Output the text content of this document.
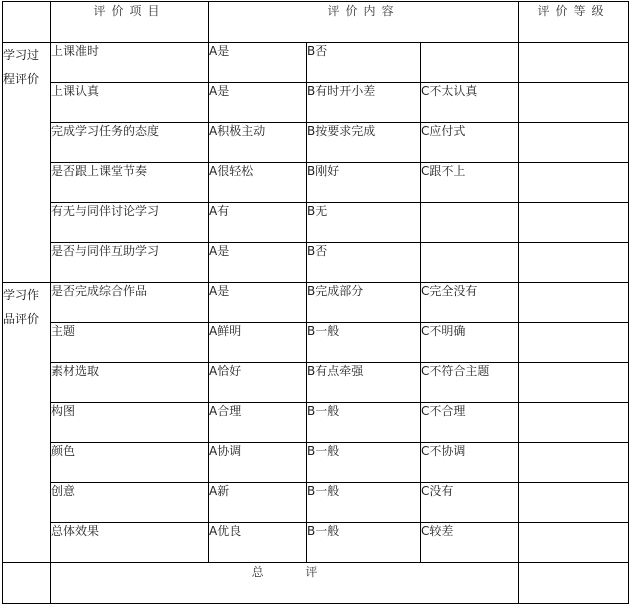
	评价项目	评价内容			评价等级
学习过程评价	上课准时	A是	B否		
	上课认真	A是	B有时开小差	C不太认真	
	完成学习任务的态度	A积极主动	B按要求完成	C应付式	
	是否跟上课堂节奏	A很轻松	B刚好	C跟不上	
	有无与同伴讨论学习	A有	B无		
	是否与同伴互助学习	A是	B否		
学习作品评价	是否完成综合作品	A是	B完成部分	C完全没有	
	主题	A鲜明	B一般	C不明确	
	素材选取	A恰好	B有点牵强	C不符合主题	
	构图	A合理	B一般	C不合理	
	颜色	A协调	B一般	C不协调	
	创意	A新	B一般	C没有	
	总体效果	A优良	B一般	C较差	
	总 评				
